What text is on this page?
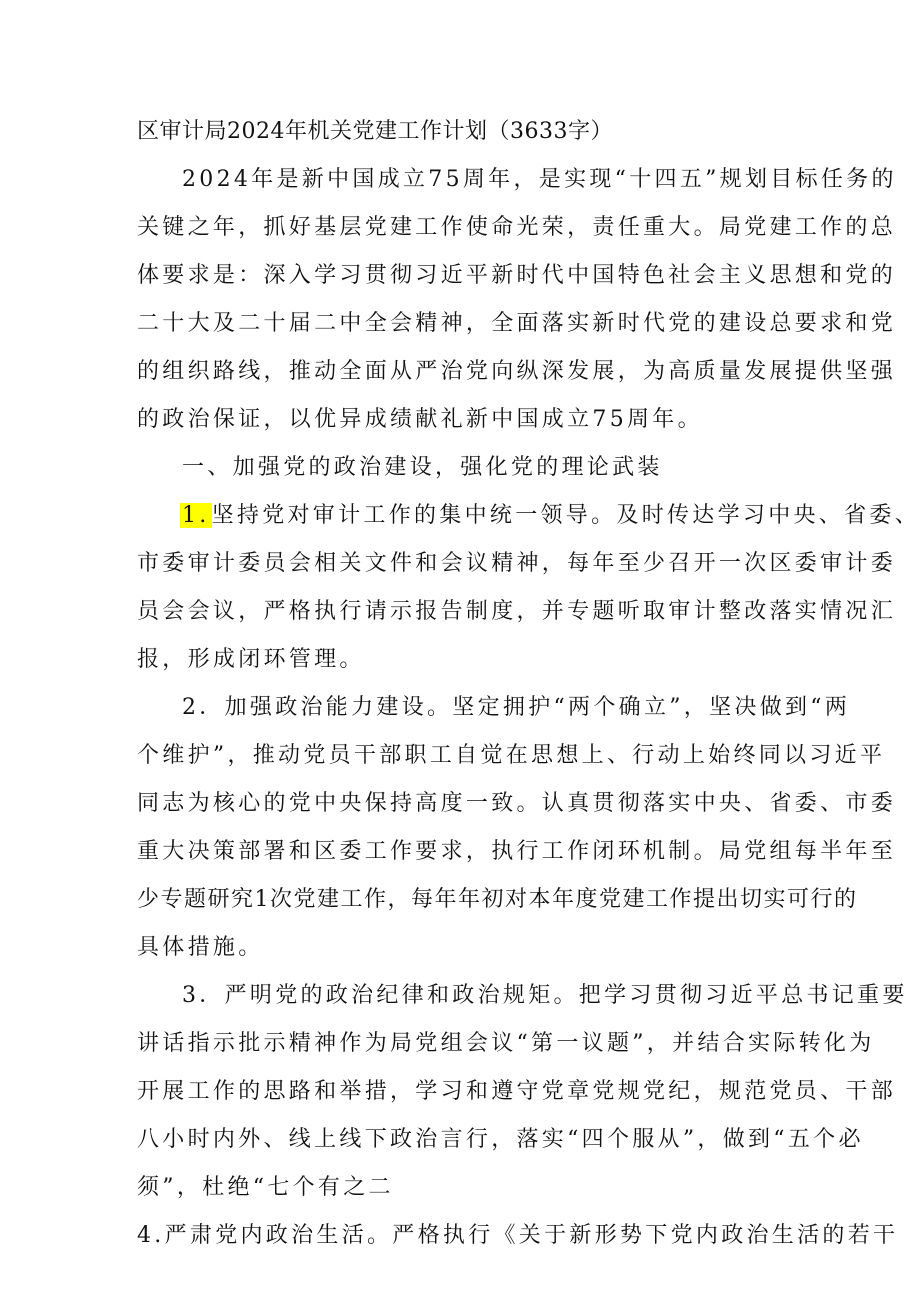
区审计局2024年机关党建工作计划（3633字）
2024年是新中国成立75周年，是实现“十四五”规划目标任务的
关键之年，抓好基层党建工作使命光荣，责任重大。局党建工作的总
体要求是：深入学习贯彻习近平新时代中国特色社会主义思想和党的
二十大及二十届二中全会精神，全面落实新时代党的建设总要求和党
的组织路线，推动全面从严治党向纵深发展，为高质量发展提供坚强
的政治保证，以优异成绩献礼新中国成立75周年。
一、加强党的政治建设，强化党的理论武装
1.坚持党对审计工作的集中统一领导。及时传达学习中央、省委、
市委审计委员会相关文件和会议精神，每年至少召开一次区委审计委
员会会议，严格执行请示报告制度，并专题听取审计整改落实情况汇
报，形成闭环管理。
2．加强政治能力建设。坚定拥护“两个确立”，坚决做到“两
个维护”，推动党员干部职工自觉在思想上、行动上始终同以习近平
同志为核心的党中央保持高度一致。认真贯彻落实中央、省委、市委
重大决策部署和区委工作要求，执行工作闭环机制。局党组每半年至
少专题研究1次党建工作，每年年初对本年度党建工作提出切实可行的
具体措施。
3．严明党的政治纪律和政治规矩。把学习贯彻习近平总书记重要
讲话指示批示精神作为局党组会议“第一议题”，并结合实际转化为
开展工作的思路和举措，学习和遵守党章党规党纪，规范党员、干部
八小时内外、线上线下政治言行，落实“四个服从”，做到“五个必
须”，杜绝“七个有之二
4.严肃党内政治生活。严格执行《关于新形势下党内政治生活的若干
